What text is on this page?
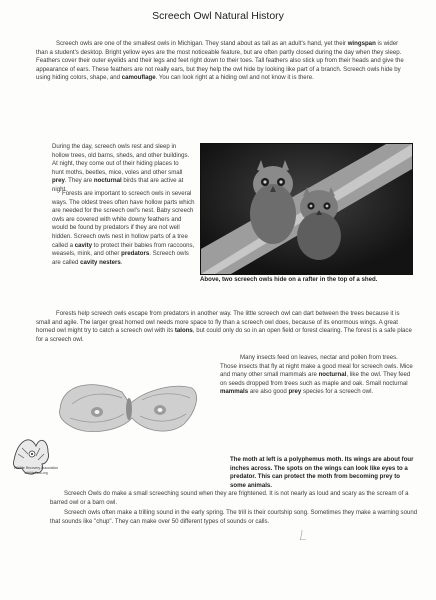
Screech Owl Natural History
Screech owls are one of the smallest owls in Michigan. They stand about as tall as an adult's hand, yet their wingspan is wider than a student's desktop. Bright yellow eyes are the most noticeable feature, but are often partly closed during the day when they sleep. Feathers cover their outer eyelids and their legs and feet right down to their toes. Tall feathers also stick up from their heads and give the appearance of ears. These feathers are not really ears, but they help the owl hide by looking like part of a branch. Screech owls hide by using hiding colors, shape, and camouflage. You can look right at a hiding owl and not know it is there.
During the day, screech owls rest and sleep in hollow trees, old barns, sheds, and other buildings. At night, they come out of their hiding places to hunt moths, beetles, mice, voles and other small prey. They are nocturnal birds that are active at night.
Forests are important to screech owls in several ways. The oldest trees often have hollow parts which are needed for the screech owl's nest. Baby screech owls are covered with white downy feathers and would be found by predators if they are not well hidden. Screech owls nest in hollow parts of a tree called a cavity to protect their babies from raccoons, weasels, mink, and other predators. Screech owls are called cavity nesters.
Above, two screech owls hide on a rafter in the top of a shed.
Forests help screech owls escape from predators in another way. The little screech owl can dart between the trees because it is small and agile. The larger great horned owl needs more space to fly than a screech owl does, because of its enormous wings. A great horned owl might try to catch a screech owl with its talons, but could only do so in an open field or forest clearing. The forest is a safe place for a screech owl.
Many insects feed on leaves, nectar and pollen from trees. Those insects that fly at night make a good meal for screech owls. Mice and many other small mammals are nocturnal, like the owl. They feed on seeds dropped from trees such as maple and oak. Small nocturnal mammals are also good prey species for a screech owl.
Wildlife Recovery Association
wildlifeasso.org
The moth at left is a polyphemus moth. Its wings are about four inches across. The spots on the wings can look like eyes to a predator. This can protect the moth from becoming prey to some animals.
Screech Owls do make a small screeching sound when they are frightened. It is not nearly as loud and scary as the scream of a barred owl or a barn owl.
Screech owls often make a trilling sound in the early spring. The trill is their courtship song. Sometimes they make a warning sound that sounds like "chup". They can make over 50 different types of sounds or calls.
